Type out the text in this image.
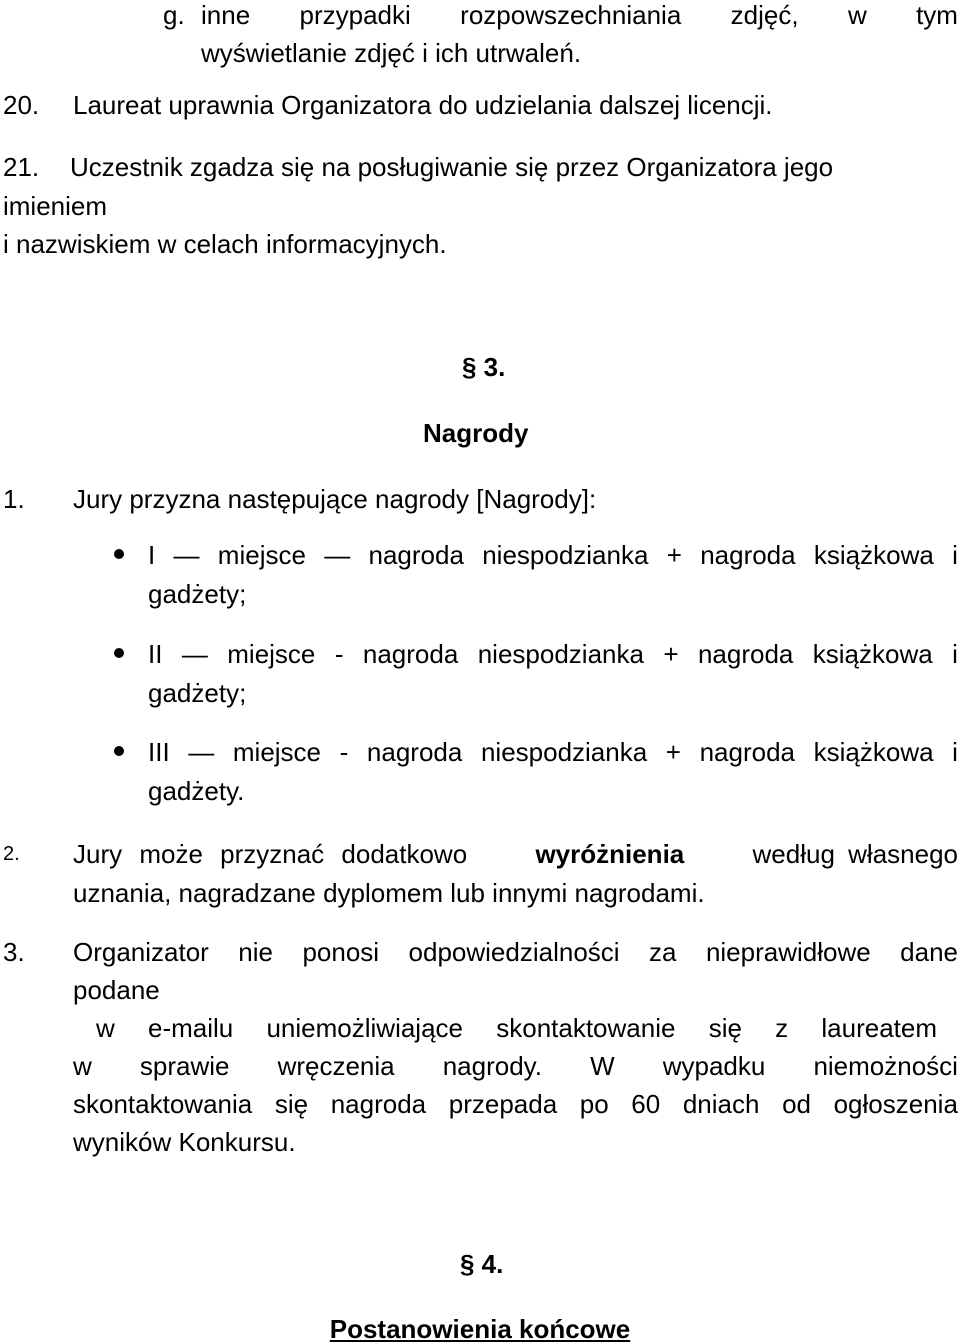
g. inne przypadki rozpowszechniania zdjęć, w tym
wyświetlanie zdjęć i ich utrwaleń.
20. Laureat uprawnia Organizatora do udzielania dalszej licencji.
21. Uczestnik zgadza się na posługiwanie się przez Organizatora jego
imieniem
i nazwiskiem w celach informacyjnych.
§ 3.
Nagrody
1. Jury przyzna następujące nagrody [Nagrody]:
I — miejsce — nagroda niespodzianka + nagroda książkowa i
gadżety;
II — miejsce - nagroda niespodzianka + nagroda książkowa i
gadżety;
III — miejsce - nagroda niespodzianka + nagroda książkowa i
gadżety.
2. Jury może przyznać dodatkowo	wyróżnienia	według własnego
uznania, nagradzane dyplomem lub innymi nagrodami.
3. Organizator nie ponosi odpowiedzialności za nieprawidłowe dane
podane
w e-mailu uniemożliwiające skontaktowanie się z laureatem
w sprawie wręczenia nagrody. W wypadku niemożności
skontaktowania się nagroda przepada po 60 dniach od ogłoszenia
wyników Konkursu.
§ 4.
Postanowienia końcowe
